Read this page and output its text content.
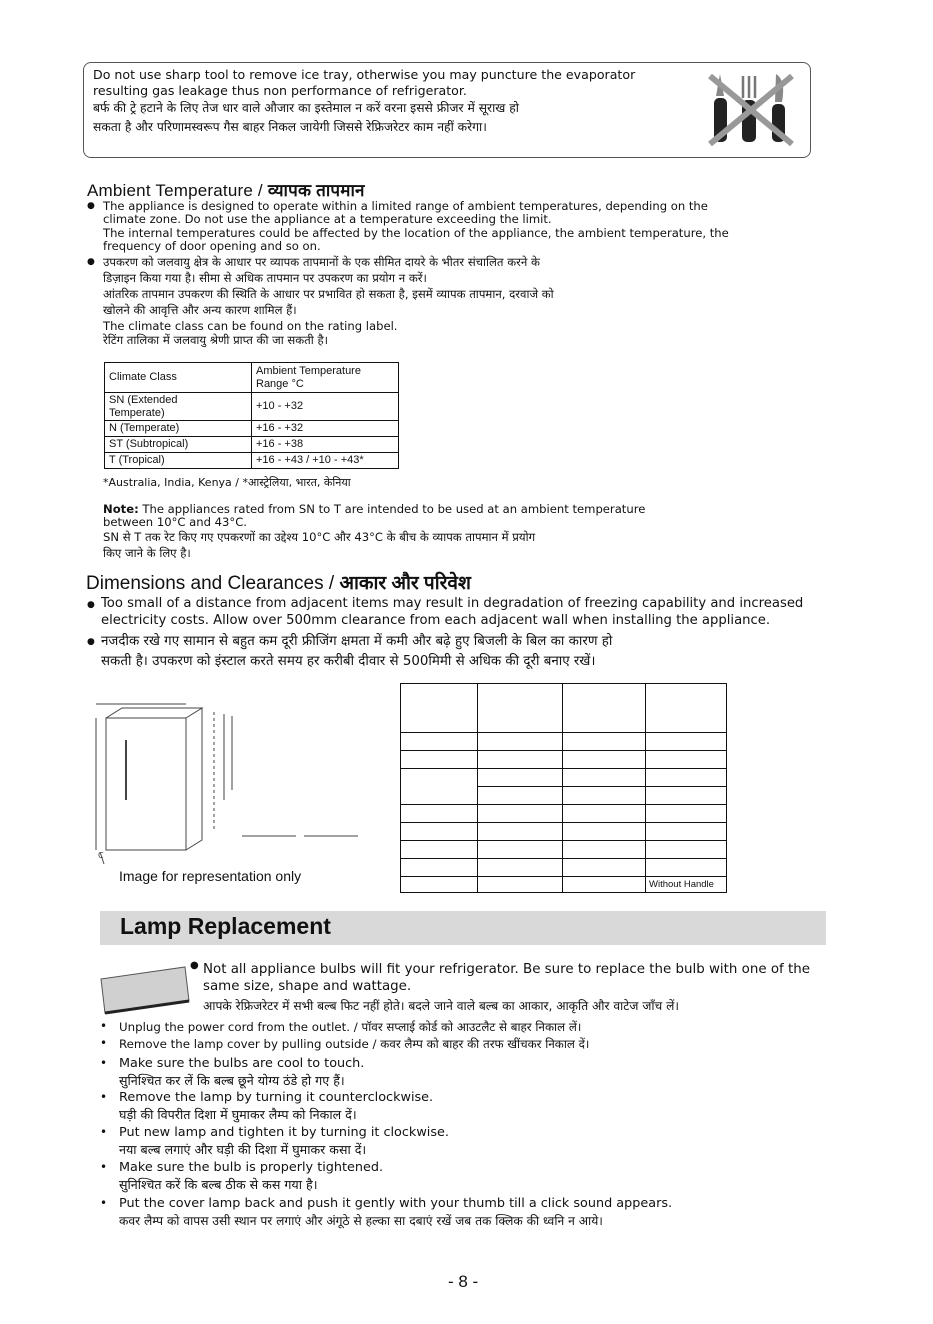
Do not use sharp tool to remove ice tray, otherwise you may puncture the evaporator
resulting gas leakage thus non performance of refrigerator.
बर्फ की ट्रे हटाने के लिए तेज धार वाले औजार का इस्तेमाल न करें वरना इससे फ्रीजर में सूराख हो
सकता है और परिणामस्वरूप गैस बाहर निकल जायेगी जिससे रेफ्रिजरेटर काम नहीं करेगा।
Ambient Temperature / व्यापक तापमान
● The appliance is designed to operate within a limited range of ambient temperatures, depending on the
climate zone. Do not use the appliance at a temperature exceeding the limit.
The internal temperatures could be affected by the location of the appliance, the ambient temperature, the
frequency of door opening and so on.
● उपकरण को जलवायु क्षेत्र के आधार पर व्यापक तापमानों के एक सीमित दायरे के भीतर संचालित करने के
डिज़ाइन किया गया है। सीमा से अधिक तापमान पर उपकरण का प्रयोग न करें।
आंतरिक तापमान उपकरण की स्थिति के आधार पर प्रभावित हो सकता है, इसमें व्यापक तापमान, दरवाजे को
खोलने की आवृत्ति और अन्य कारण शामिल हैं।
The climate class can be found on the rating label.
रेटिंग तालिका में जलवायु श्रेणी प्राप्त की जा सकती है।
Climate Class	Ambient Temperature
Range °C
SN (Extended
Temperate)	+10 - +32
N (Temperate)	+16 - +32
ST (Subtropical)	+16 - +38
T (Tropical)	+16 - +43 / +10 - +43*
*Australia, India, Kenya / *आस्ट्रेलिया, भारत, केनिया
Note: The appliances rated from SN to T are intended to be used at an ambient temperature
between 10°C and 43°C.
SN से T तक रेट किए गए एपकरणों का उद्देश्य 10°C और 43°C के बीच के व्यापक तापमान में प्रयोग
किए जाने के लिए है।
Dimensions and Clearances / आकार और परिवेश
● Too small of a distance from adjacent items may result in degradation of freezing capability and increased
electricity costs. Allow over 500mm clearance from each adjacent wall when installing the appliance.
● नजदीक रखे गए सामान से बहुत कम दूरी फ्रीजिंग क्षमता में कमी और बढ़े हुए बिजली के बिल का कारण हो
सकती है। उपकरण को इंस्टाल करते समय हर करीबी दीवार से 500मिमी से अधिक की दूरी बनाए रखें।
C
Image for representation only

			Without Handle
Lamp Replacement
● Not all appliance bulbs will fit your refrigerator. Be sure to replace the bulb with one of the
same size, shape and wattage.
आपके रेफ्रिजरेटर में सभी बल्ब फिट नहीं होते। बदले जाने वाले बल्ब का आकार, आकृति और वाटेज जाँच लें।
• Unplug the power cord from the outlet. / पॉवर सप्लाई कोर्ड को आउटलैट से बाहर निकाल लें।
• Remove the lamp cover by pulling outside / कवर लैम्प को बाहर की तरफ खींचकर निकाल दें।
• Make sure the bulbs are cool to touch.
सुनिश्चित कर लें कि बल्ब छूने योग्य ठंडे हो गए हैं।
• Remove the lamp by turning it counterclockwise.
घड़ी की विपरीत दिशा में घुमाकर लैम्प को निकाल दें।
• Put new lamp and tighten it by turning it clockwise.
नया बल्ब लगाएं और घड़ी की दिशा में घुमाकर कसा दें।
• Make sure the bulb is properly tightened.
सुनिश्चित करें कि बल्ब ठीक से कस गया है।
• Put the cover lamp back and push it gently with your thumb till a click sound appears.
कवर लैम्प को वापस उसी स्थान पर लगाएं और अंगूठे से हल्का सा दबाएं रखें जब तक क्लिक की ध्वनि न आये।
- 8 -
